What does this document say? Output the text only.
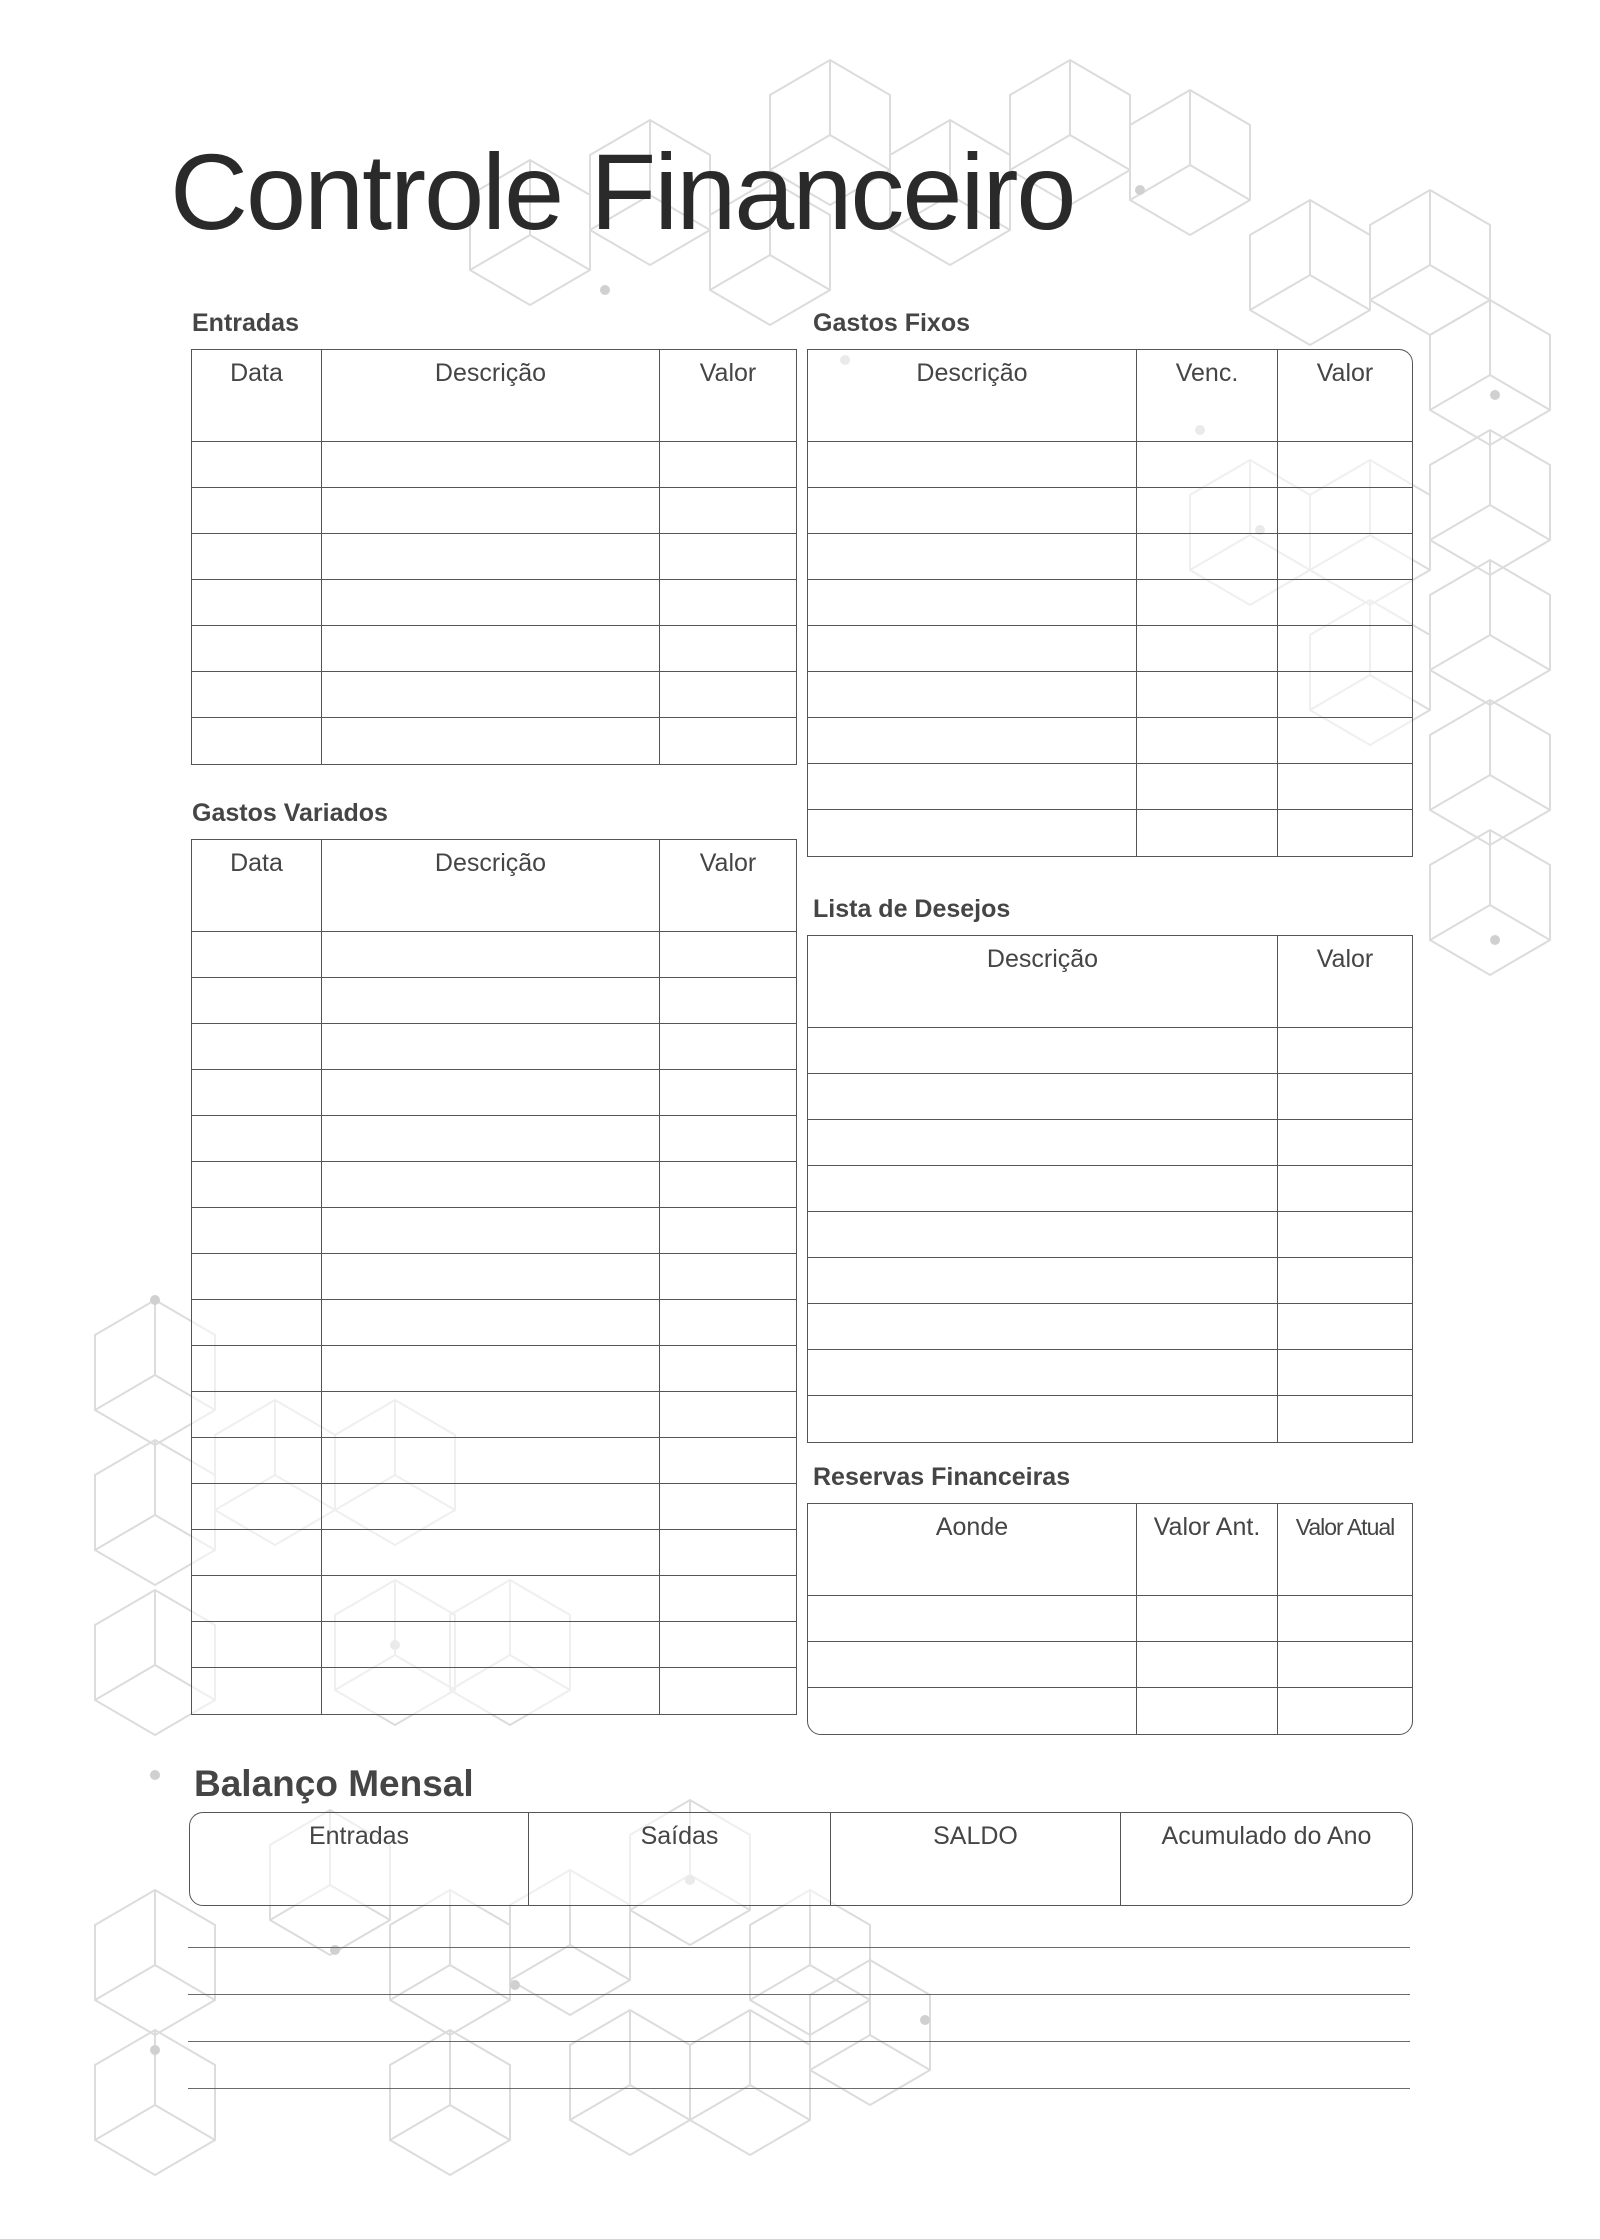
Controle Financeiro
Entradas
Data	Descrição	Valor

Gastos Fixos
Descrição	Venc.	Valor

Gastos Variados
Data	Descrição	Valor

Lista de Desejos
Descrição	Valor

Reservas Financeiras
Aonde	Valor Ant.	Valor Atual

Balanço Mensal
Entradas	Saídas	SALDO	Acumulado do Ano
